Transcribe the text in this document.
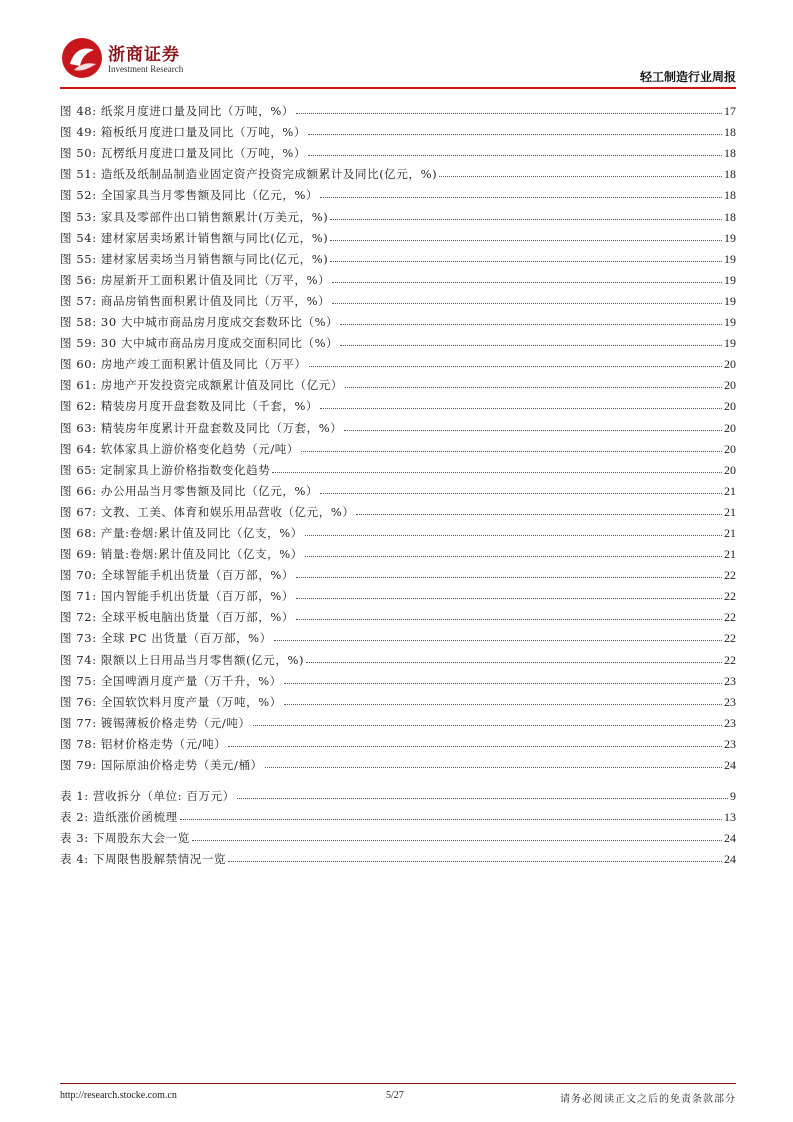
浙商证券
Investment Research
轻工制造行业周报
图 48: 纸浆月度进口量及同比（万吨，%）	17
图 49: 箱板纸月度进口量及同比（万吨，%）	18
图 50: 瓦楞纸月度进口量及同比（万吨，%）	18
图 51: 造纸及纸制品制造业固定资产投资完成额累计及同比(亿元，%)	18
图 52: 全国家具当月零售额及同比（亿元，%）	18
图 53: 家具及零部件出口销售额累计(万美元，%)	18
图 54: 建材家居卖场累计销售额与同比(亿元，%)	19
图 55: 建材家居卖场当月销售额与同比(亿元，%)	19
图 56: 房屋新开工面积累计值及同比（万平，%）	19
图 57: 商品房销售面积累计值及同比（万平，%）	19
图 58: 30 大中城市商品房月度成交套数环比（%）	19
图 59: 30 大中城市商品房月度成交面积同比（%）	19
图 60: 房地产竣工面积累计值及同比（万平）	20
图 61: 房地产开发投资完成额累计值及同比（亿元）	20
图 62: 精装房月度开盘套数及同比（千套，%）	20
图 63: 精装房年度累计开盘套数及同比（万套，%）	20
图 64: 软体家具上游价格变化趋势（元/吨）	20
图 65: 定制家具上游价格指数变化趋势	20
图 66: 办公用品当月零售额及同比（亿元，%）	21
图 67: 文教、工美、体育和娱乐用品营收（亿元，%）	21
图 68: 产量:卷烟:累计值及同比（亿支，%）	21
图 69: 销量:卷烟:累计值及同比（亿支，%）	21
图 70: 全球智能手机出货量（百万部，%）	22
图 71: 国内智能手机出货量（百万部，%）	22
图 72: 全球平板电脑出货量（百万部，%）	22
图 73: 全球 PC 出货量（百万部，%）	22
图 74: 限额以上日用品当月零售额(亿元，%)	22
图 75: 全国啤酒月度产量（万千升，%）	23
图 76: 全国软饮料月度产量（万吨，%）	23
图 77: 镀锡薄板价格走势（元/吨）	23
图 78: 铝材价格走势（元/吨）	23
图 79: 国际原油价格走势（美元/桶）	24
表 1: 营收拆分（单位: 百万元）	9
表 2: 造纸涨价函梳理	13
表 3: 下周股东大会一览	24
表 4: 下周限售股解禁情况一览	24
http://research.stocke.com.cn	5/27	请务必阅读正文之后的免责条款部分
